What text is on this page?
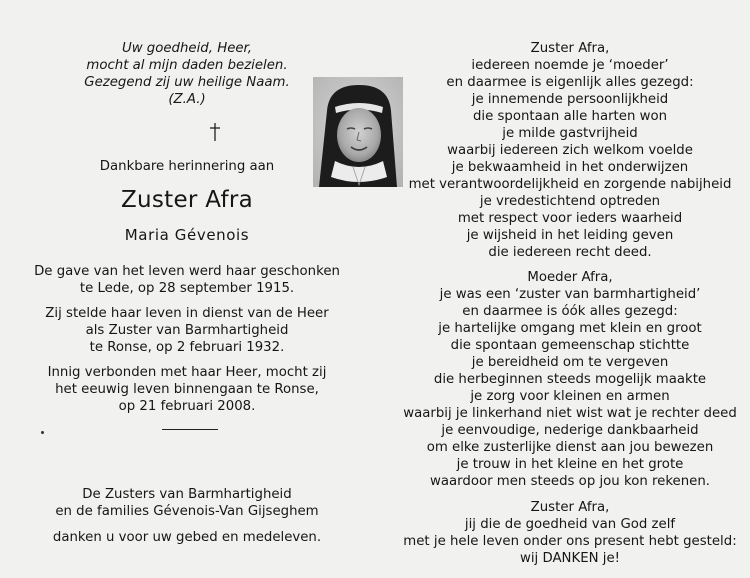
Uw goedheid, Heer,
mocht al mijn daden bezielen.
Gezegend zij uw heilige Naam.
(Z.A.)
Dankbare herinnering aan
Zuster Afra
Maria Gévenois
De gave van het leven werd haar geschonken
te Lede, op 28 september 1915.
Zij stelde haar leven in dienst van de Heer
als Zuster van Barmhartigheid
te Ronse, op 2 februari 1932.
Innig verbonden met haar Heer, mocht zij
het eeuwig leven binnengaan te Ronse,
op 21 februari 2008.
De Zusters van Barmhartigheid
en de families Gévenois-Van Gijseghem
danken u voor uw gebed en medeleven.
Zuster Afra,
iedereen noemde je ‘moeder’
en daarmee is eigenlijk alles gezegd:
je innemende persoonlijkheid
die spontaan alle harten won
je milde gastvrijheid
waarbij iedereen zich welkom voelde
je bekwaamheid in het onderwijzen
met verantwoordelijkheid en zorgende nabijheid
je vredestichtend optreden
met respect voor ieders waarheid
je wijsheid in het leiding geven
die iedereen recht deed.
Moeder Afra,
je was een ‘zuster van barmhartigheid’
en daarmee is óók alles gezegd:
je hartelijke omgang met klein en groot
die spontaan gemeenschap stichtte
je bereidheid om te vergeven
die herbeginnen steeds mogelijk maakte
je zorg voor kleinen en armen
waarbij je linkerhand niet wist wat je rechter deed
je eenvoudige, nederige dankbaarheid
om elke zusterlijke dienst aan jou bewezen
je trouw in het kleine en het grote
waardoor men steeds op jou kon rekenen.
Zuster Afra,
jij die de goedheid van God zelf
met je hele leven onder ons present hebt gesteld:
wij DANKEN je!
